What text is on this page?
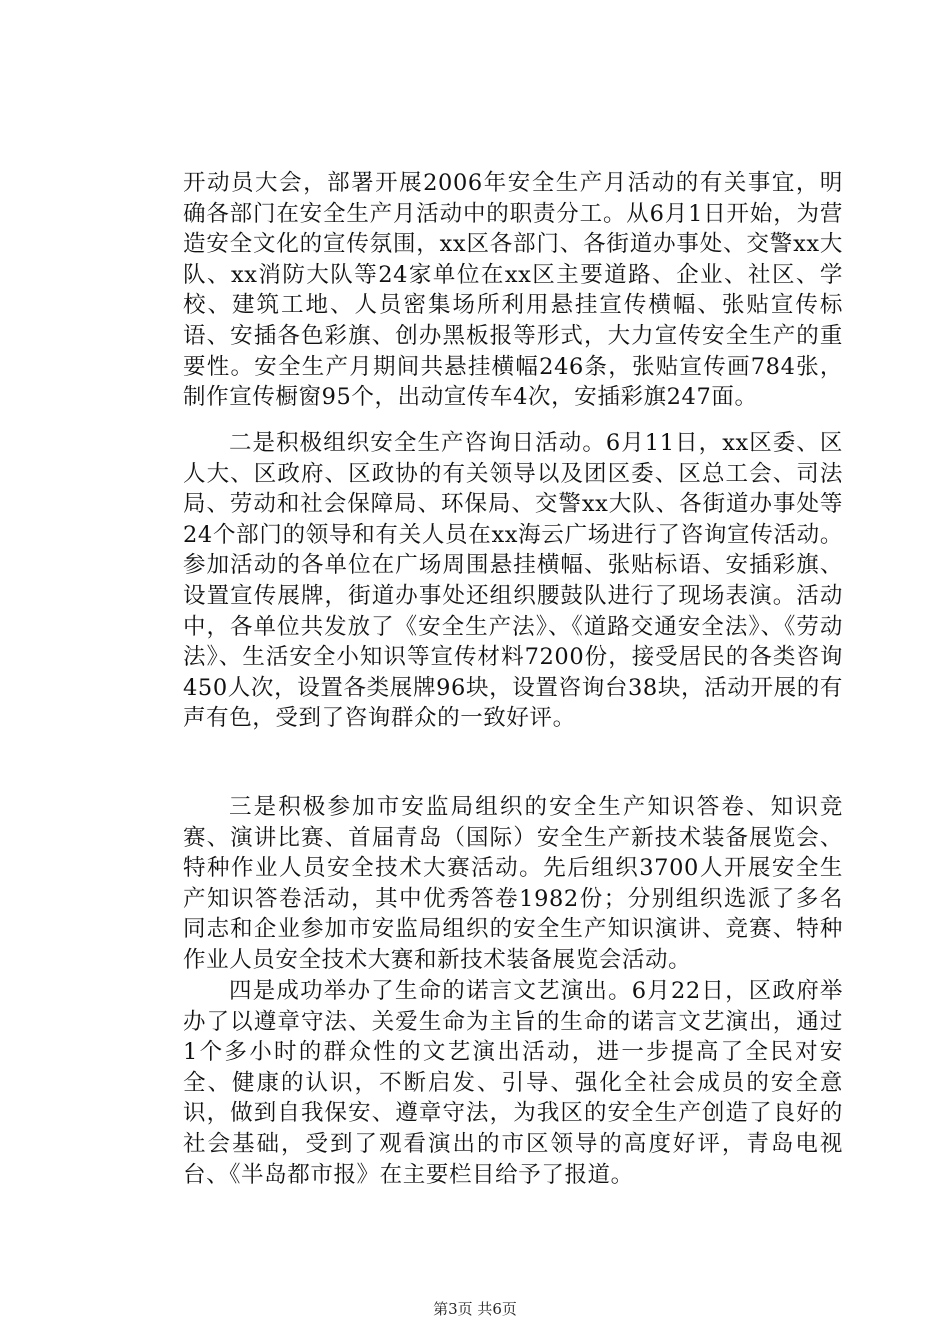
开动员大会，部署开展2006年安全生产月活动的有关事宜，明确各部门在安全生产月活动中的职责分工。从6月1日开始，为营造安全文化的宣传氛围，xx区各部门、各街道办事处、交警xx大队、xx消防大队等24家单位在xx区主要道路、企业、社区、学校、建筑工地、人员密集场所利用悬挂宣传横幅、张贴宣传标语、安插各色彩旗、创办黑板报等形式，大力宣传安全生产的重要性。安全生产月期间共悬挂横幅246条，张贴宣传画784张，制作宣传橱窗95个，出动宣传车4次，安插彩旗247面。

二是积极组织安全生产咨询日活动。6月11日，xx区委、区人大、区政府、区政协的有关领导以及团区委、区总工会、司法局、劳动和社会保障局、环保局、交警xx大队、各街道办事处等24个部门的领导和有关人员在xx海云广场进行了咨询宣传活动。参加活动的各单位在广场周围悬挂横幅、张贴标语、安插彩旗、设置宣传展牌，街道办事处还组织腰鼓队进行了现场表演。活动中，各单位共发放了《安全生产法》、《道路交通安全法》、《劳动法》、生活安全小知识等宣传材料7200份，接受居民的各类咨询450人次，设置各类展牌96块，设置咨询台38块，活动开展的有声有色，受到了咨询群众的一致好评。

三是积极参加市安监局组织的安全生产知识答卷、知识竞赛、演讲比赛、首届青岛（国际）安全生产新技术装备展览会、特种作业人员安全技术大赛活动。先后组织3700人开展安全生产知识答卷活动，其中优秀答卷1982份；分别组织选派了多名同志和企业参加市安监局组织的安全生产知识演讲、竞赛、特种作业人员安全技术大赛和新技术装备展览会活动。

四是成功举办了生命的诺言文艺演出。6月22日，区政府举办了以遵章守法、关爱生命为主旨的生命的诺言文艺演出，通过1个多小时的群众性的文艺演出活动，进一步提高了全民对安全、健康的认识，不断启发、引导、强化全社会成员的安全意识，做到自我保安、遵章守法，为我区的安全生产创造了良好的社会基础，受到了观看演出的市区领导的高度好评，青岛电视台、《半岛都市报》在主要栏目给予了报道。

第3页 共6页
